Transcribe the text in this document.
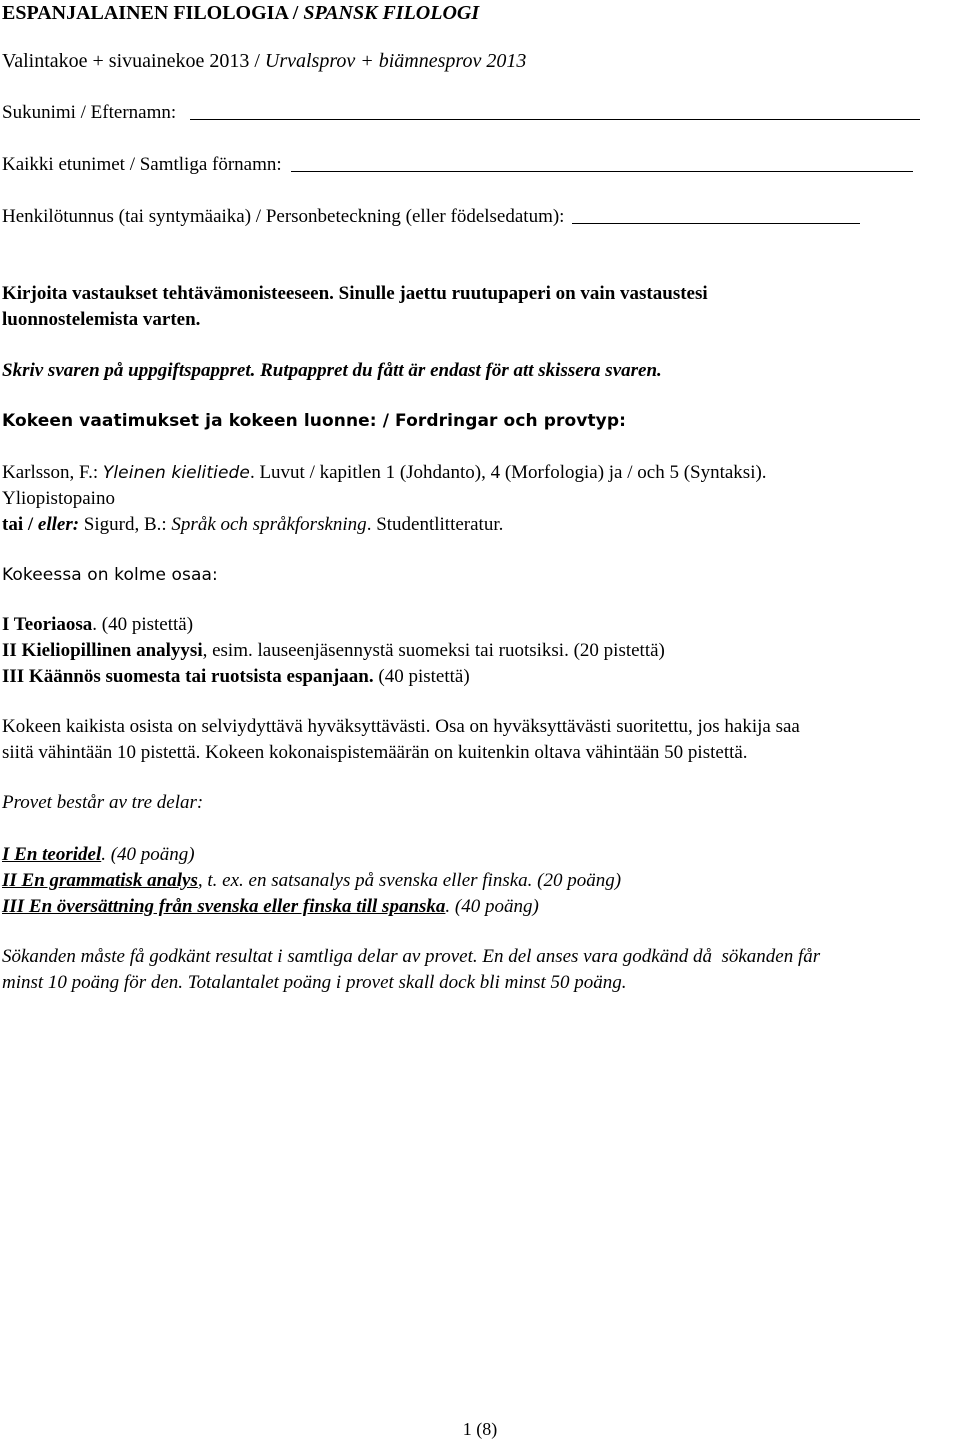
ESPANJALAINEN FILOLOGIA / SPANSK FILOLOGI
Valintakoe + sivuainekoe 2013 / Urvalsprov + biämnesprov 2013
Sukunimi / Efternamn:
Kaikki etunimet / Samtliga förnamn:
Henkilötunnus (tai syntymäaika) / Personbeteckning (eller födelsedatum):

Kirjoita vastaukset tehtävämonisteeseen. Sinulle jaettu ruutupaperi on vain vastaustesi

luonnostelemista varten.

Skriv svaren på uppgiftspappret. Rutpappret du fått är endast för att skissera svaren.

Kokeen vaatimukset ja kokeen luonne: / Fordringar och provtyp:

Karlsson, F.: Yleinen kielitiede. Luvut / kapitlen 1 (Johdanto), 4 (Morfologia) ja / och 5 (Syntaksi).

Yliopistopaino

tai / eller: Sigurd, B.: Språk och språkforskning. Studentlitteratur.

Kokeessa on kolme osaa:

I Teoriaosa. (40 pistettä)

II Kieliopillinen analyysi, esim. lauseenjäsennystä suomeksi tai ruotsiksi. (20 pistettä)

III Käännös suomesta tai ruotsista espanjaan. (40 pistettä)

Kokeen kaikista osista on selviydyttävä hyväksyttävästi. Osa on hyväksyttävästi suoritettu, jos hakija saa

siitä vähintään 10 pistettä. Kokeen kokonaispistemäärän on kuitenkin oltava vähintään 50 pistettä.

Provet består av tre delar:

I En teoridel. (40 poäng)

II En grammatisk analys, t. ex. en satsanalys på svenska eller finska. (20 poäng)

III En översättning från svenska eller finska till spanska. (40 poäng)

Sökanden måste få godkänt resultat i samtliga delar av provet. En del anses vara godkänd då  sökanden får

minst 10 poäng för den. Totalantalet poäng i provet skall dock bli minst 50 poäng.

1 (8)
